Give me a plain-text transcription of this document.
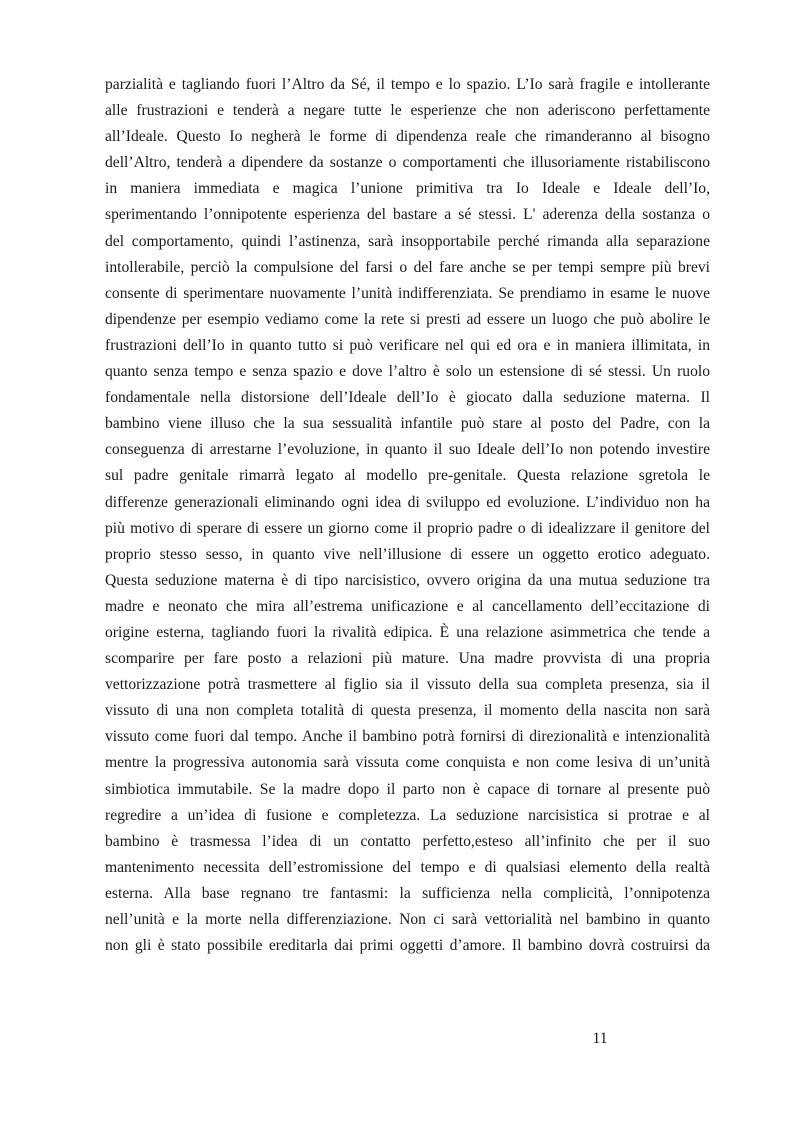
parzialità e tagliando fuori l’Altro da Sé, il tempo e lo spazio. L’Io sarà fragile e intollerante
alle frustrazioni e tenderà a negare tutte le esperienze che non aderiscono perfettamente
all’Ideale. Questo Io negherà le forme di dipendenza reale che rimanderanno al bisogno
dell’Altro, tenderà a dipendere da sostanze o comportamenti che illusoriamente ristabiliscono
in maniera immediata e magica l’unione primitiva tra Io Ideale e Ideale dell’Io,
sperimentando l’onnipotente esperienza del bastare a sé stessi. L' aderenza della sostanza o
del comportamento, quindi l’astinenza, sarà insopportabile perché rimanda alla separazione
intollerabile, perciò la compulsione del farsi o del fare anche se per tempi sempre più brevi
consente di sperimentare nuovamente l’unità indifferenziata. Se prendiamo in esame le nuove
dipendenze per esempio vediamo come la rete si presti ad essere un luogo che può abolire le
frustrazioni dell’Io in quanto tutto si può verificare nel qui ed ora e in maniera illimitata, in
quanto senza tempo e senza spazio e dove l’altro è solo un estensione di sé stessi. Un ruolo
fondamentale nella distorsione dell’Ideale dell’Io è giocato dalla seduzione materna. Il
bambino viene illuso che la sua sessualità infantile può stare al posto del Padre, con la
conseguenza di arrestarne l’evoluzione, in quanto il suo Ideale dell’Io non potendo investire
sul padre genitale rimarrà legato al modello pre-genitale. Questa relazione sgretola le
differenze generazionali eliminando ogni idea di sviluppo ed evoluzione. L’individuo non ha
più motivo di sperare di essere un giorno come il proprio padre o di idealizzare il genitore del
proprio stesso sesso, in quanto vive nell’illusione di essere un oggetto erotico adeguato.
Questa seduzione materna è di tipo narcisistico, ovvero origina da una mutua seduzione tra
madre e neonato che mira all’estrema unificazione e al cancellamento dell’eccitazione di
origine esterna, tagliando fuori la rivalità edipica. È una relazione asimmetrica che tende a
scomparire per fare posto a relazioni più mature. Una madre provvista di una propria
vettorizzazione potrà trasmettere al figlio sia il vissuto della sua completa presenza, sia il
vissuto di una non completa totalità di questa presenza, il momento della nascita non sarà
vissuto come fuori dal tempo. Anche il bambino potrà fornirsi di direzionalità e intenzionalità
mentre la progressiva autonomia sarà vissuta come conquista e non come lesiva di un’unità
simbiotica immutabile. Se la madre dopo il parto non è capace di tornare al presente può
regredire a un’idea di fusione e completezza. La seduzione narcisistica si protrae e al
bambino è trasmessa l’idea di un contatto perfetto,esteso all’infinito che per il suo
mantenimento necessita dell’estromissione del tempo e di qualsiasi elemento della realtà
esterna. Alla base regnano tre fantasmi: la sufficienza nella complicità, l’onnipotenza
nell’unità e la morte nella differenziazione. Non ci sarà vettorialità nel bambino in quanto
non gli è stato possibile ereditarla dai primi oggetti d’amore. Il bambino dovrà costruirsi da

11
